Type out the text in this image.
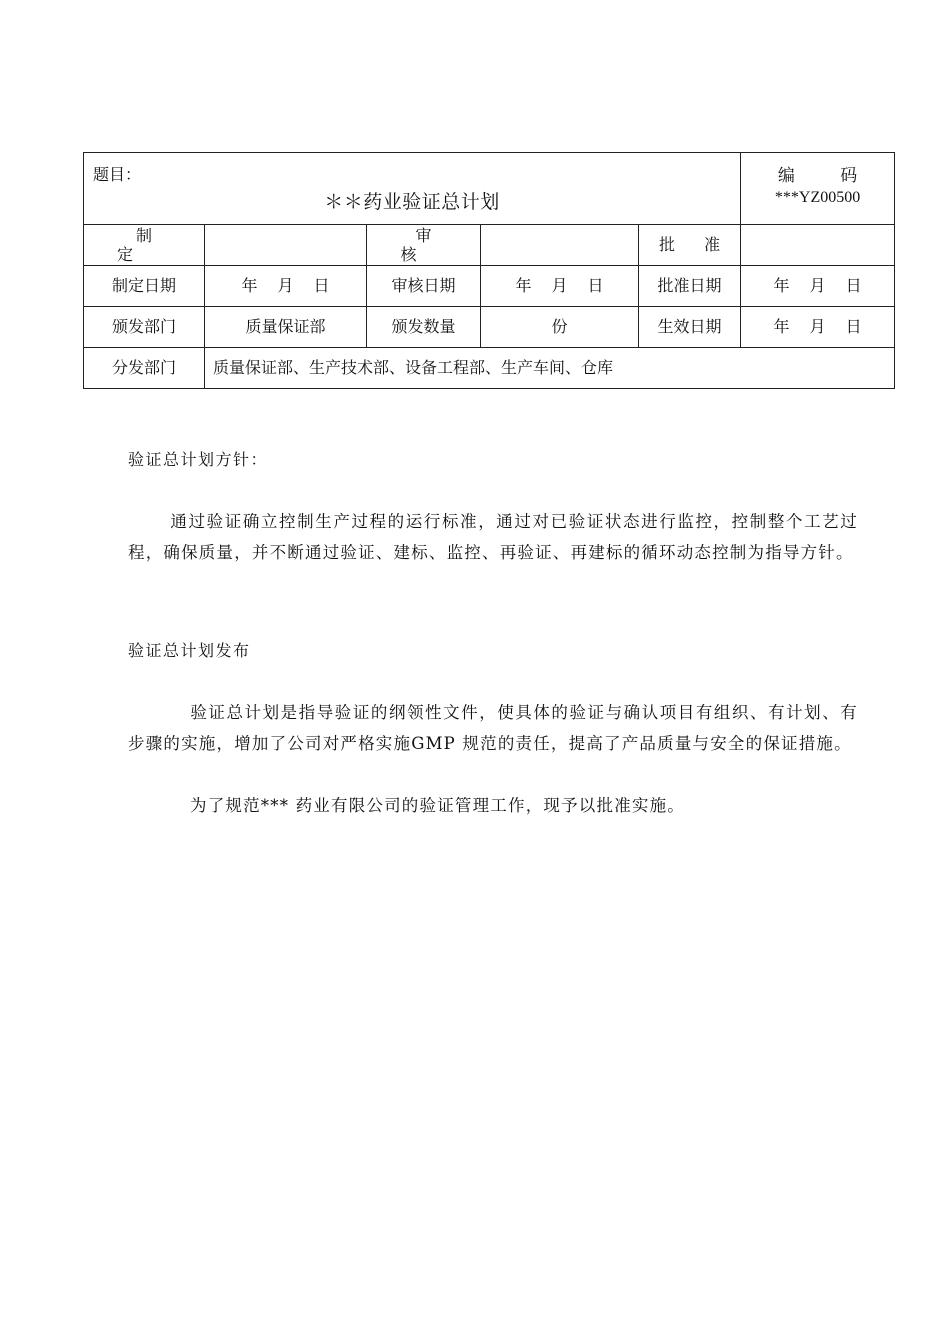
题目：
＊＊药业验证总计划					编 码
***YZ00500

制 定		审 核		批 准	
制定日期	年 月 日	审核日期	年 月 日	批准日期	年 月 日
颁发部门	质量保证部	颁发数量	份	生效日期	年 月 日
分发部门	质量保证部、生产技术部、设备工程部、生产车间、仓库				
验证总计划方针：
通过验证确立控制生产过程的运行标准，通过对已验证状态进行监控，控制整个工艺过程，确保质量，并不断通过验证、建标、监控、再验证、再建标的循环动态控制为指导方针。
验证总计划发布
验证总计划是指导验证的纲领性文件，使具体的验证与确认项目有组织、有计划、有步骤的实施，增加了公司对严格实施GMP 规范的责任，提高了产品质量与安全的保证措施。
为了规范*** 药业有限公司的验证管理工作，现予以批准实施。
